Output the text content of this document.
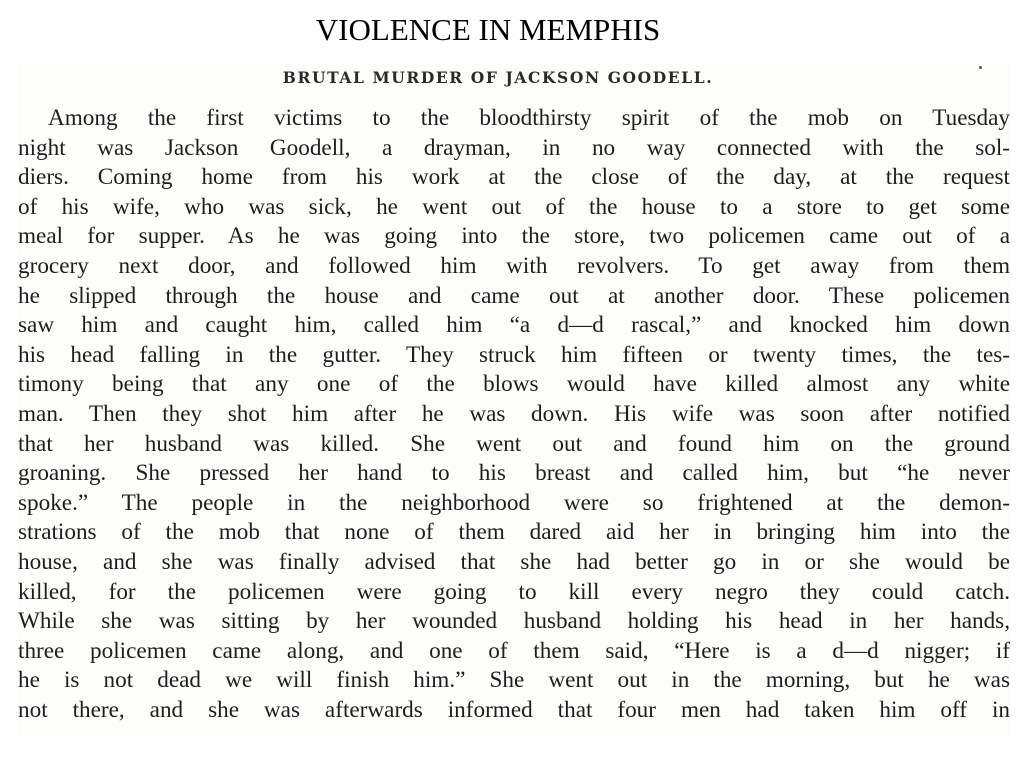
VIOLENCE IN MEMPHIS
BRUTAL MURDER OF JACKSON GOODELL.
Among the first victims to the bloodthirsty spirit of the mob on Tuesday
night was Jackson Goodell, a drayman, in no way connected with the sol-
diers. Coming home from his work at the close of the day, at the request
of his wife, who was sick, he went out of the house to a store to get some
meal for supper. As he was going into the store, two policemen came out of a
grocery next door, and followed him with revolvers. To get away from them
he slipped through the house and came out at another door. These policemen
saw him and caught him, called him “a d—d rascal,” and knocked him down
his head falling in the gutter. They struck him fifteen or twenty times, the tes-
timony being that any one of the blows would have killed almost any white
man. Then they shot him after he was down. His wife was soon after notified
that her husband was killed. She went out and found him on the ground
groaning. She pressed her hand to his breast and called him, but “he never
spoke.” The people in the neighborhood were so frightened at the demon-
strations of the mob that none of them dared aid her in bringing him into the
house, and she was finally advised that she had better go in or she would be
killed, for the policemen were going to kill every negro they could catch.
While she was sitting by her wounded husband holding his head in her hands,
three policemen came along, and one of them said, “Here is a d—d nigger; if
he is not dead we will finish him.” She went out in the morning, but he was
not there, and she was afterwards informed that four men had taken him off in
